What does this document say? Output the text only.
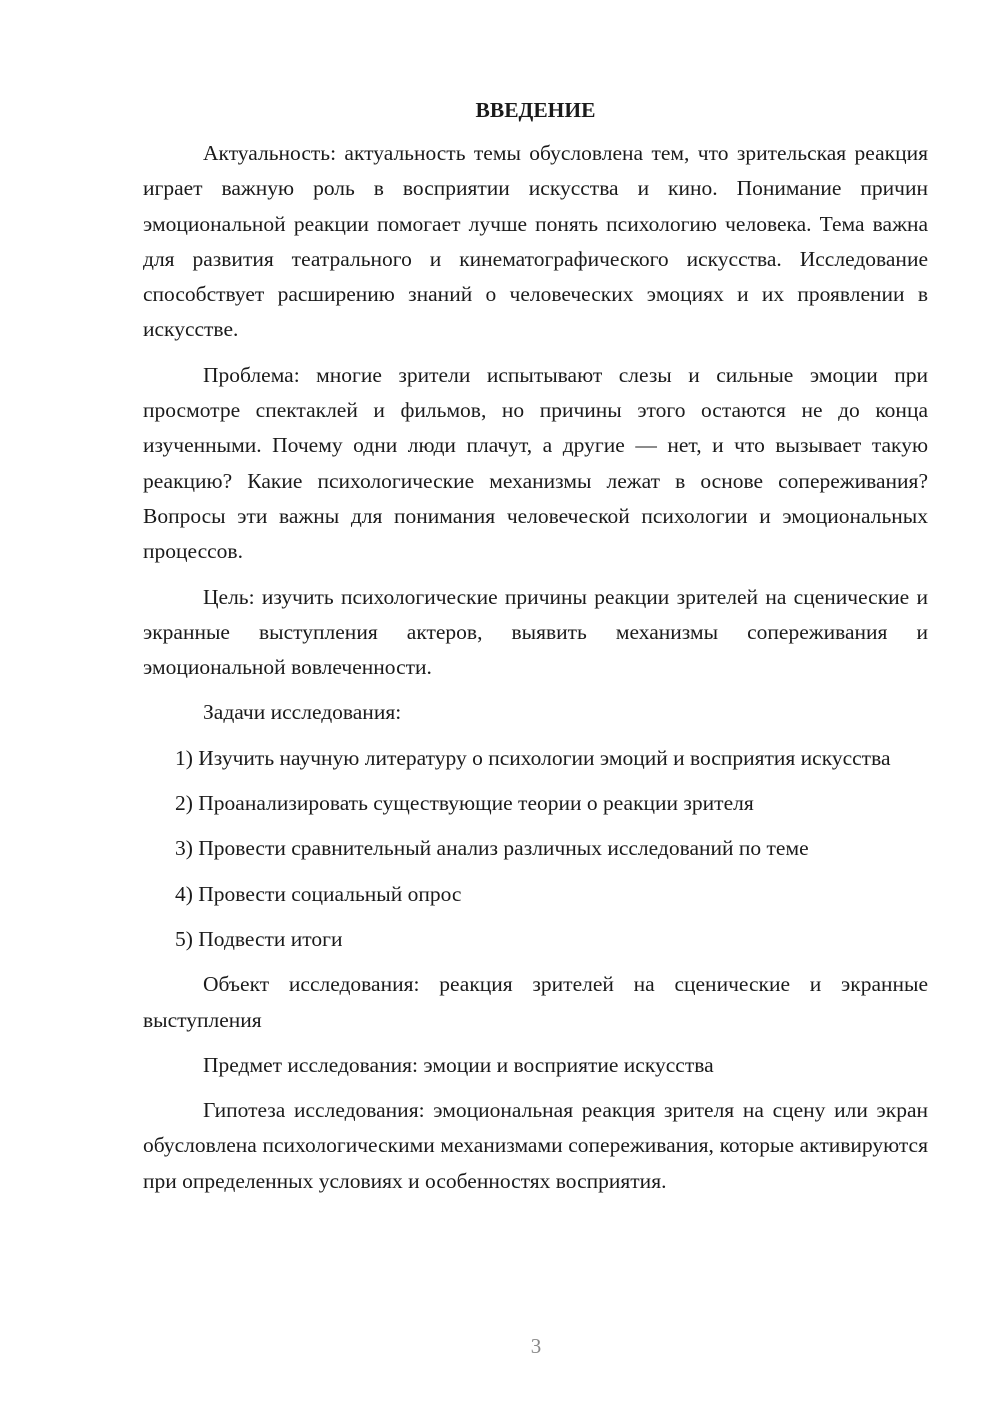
ВВЕДЕНИЕ

Актуальность: актуальность темы обусловлена тем, что зрительская реакция играет важную роль в восприятии искусства и кино. Понимание причин эмоциональной реакции помогает лучше понять психологию человека. Тема важна для развития театрального и кинематографического искусства. Исследование способствует расширению знаний о человеческих эмоциях и их проявлении в искусстве.

Проблема: многие зрители испытывают слезы и сильные эмоции при просмотре спектаклей и фильмов, но причины этого остаются не до конца изученными. Почему одни люди плачут, а другие — нет, и что вызывает такую реакцию? Какие психологические механизмы лежат в основе сопереживания? Вопросы эти важны для понимания человеческой психологии и эмоциональных процессов.

Цель: изучить психологические причины реакции зрителей на сценические и экранные выступления актеров, выявить механизмы сопереживания и эмоциональной вовлеченности.

Задачи исследования:

1) Изучить научную литературу о психологии эмоций и восприятия искусства

2) Проанализировать существующие теории о реакции зрителя

3) Провести сравнительный анализ различных исследований по теме

4) Провести социальный опрос

5) Подвести итоги

Объект исследования: реакция зрителей на сценические и экранные выступления

Предмет исследования: эмоции и восприятие искусства

Гипотеза исследования: эмоциональная реакция зрителя на сцену или экран обусловлена психологическими механизмами сопереживания, которые активируются при определенных условиях и особенностях восприятия.

3
